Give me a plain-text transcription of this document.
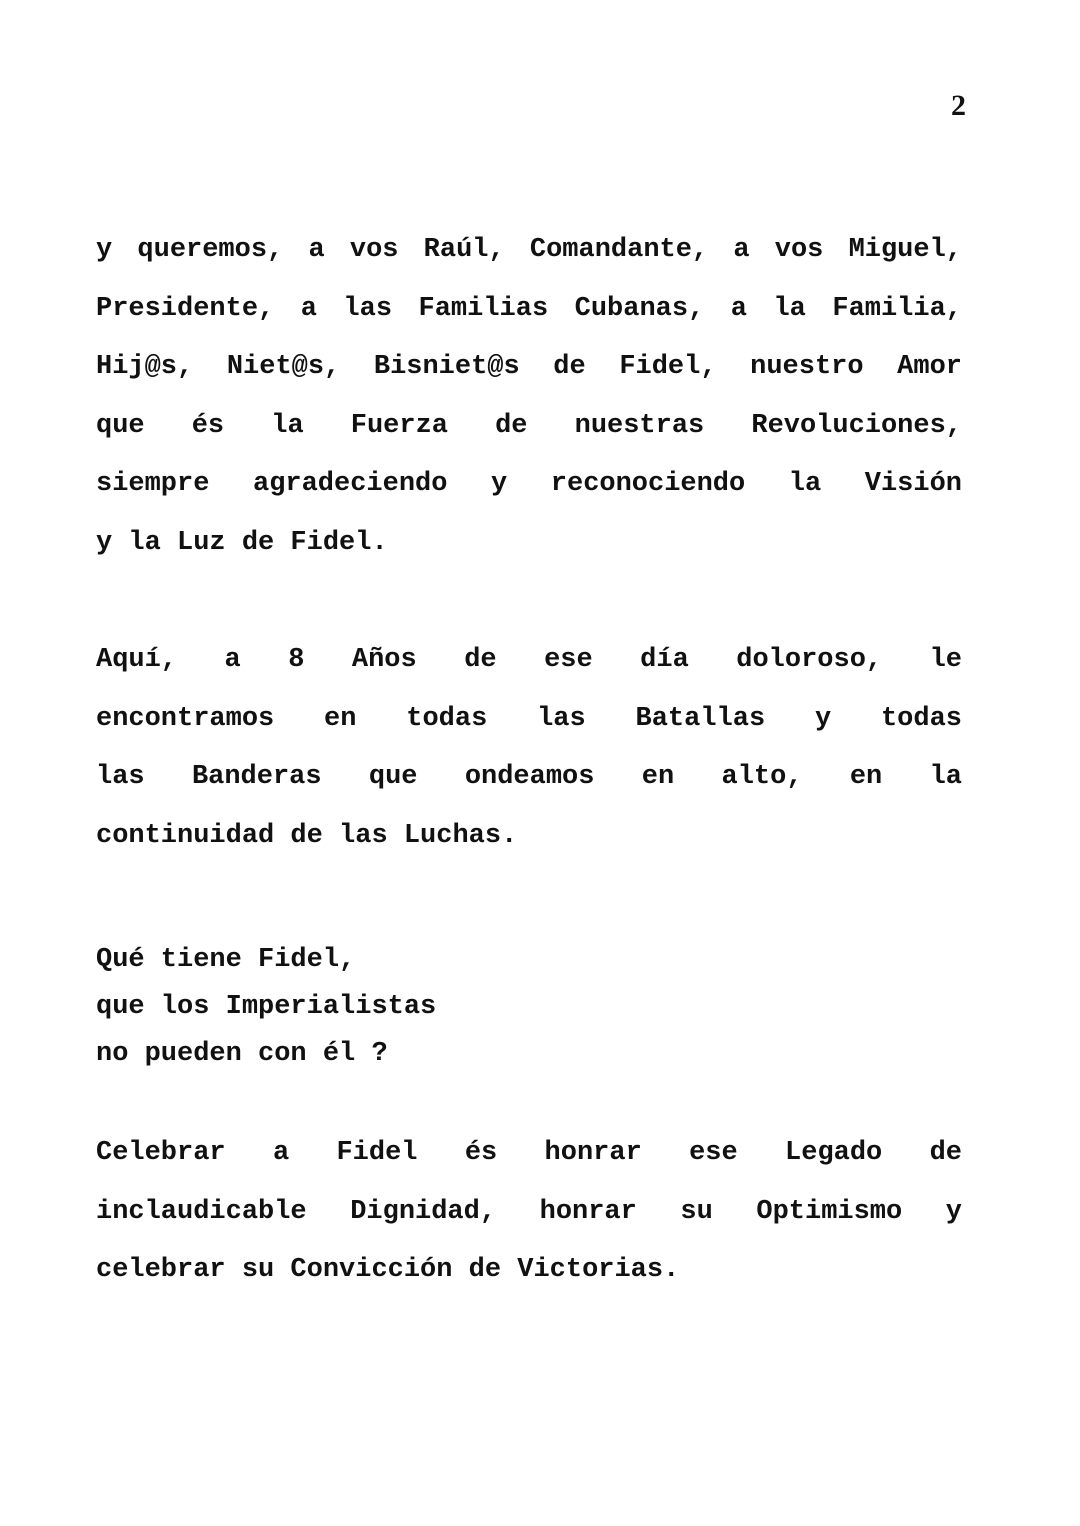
2
y queremos, a vos Raúl, Comandante, a vos Miguel,
Presidente, a las Familias Cubanas, a la Familia,
Hij@s, Niet@s, Bisniet@s de Fidel, nuestro Amor
que és la Fuerza de nuestras Revoluciones,
siempre agradeciendo y reconociendo la Visión
y la Luz de Fidel.
Aquí, a 8 Años de ese día doloroso, le
encontramos en todas las Batallas y todas
las Banderas que ondeamos en alto, en la
continuidad de las Luchas.
Qué tiene Fidel,
que los Imperialistas
no pueden con él ?
Celebrar a Fidel és honrar ese Legado de
inclaudicable Dignidad, honrar su Optimismo y
celebrar su Convicción de Victorias.
